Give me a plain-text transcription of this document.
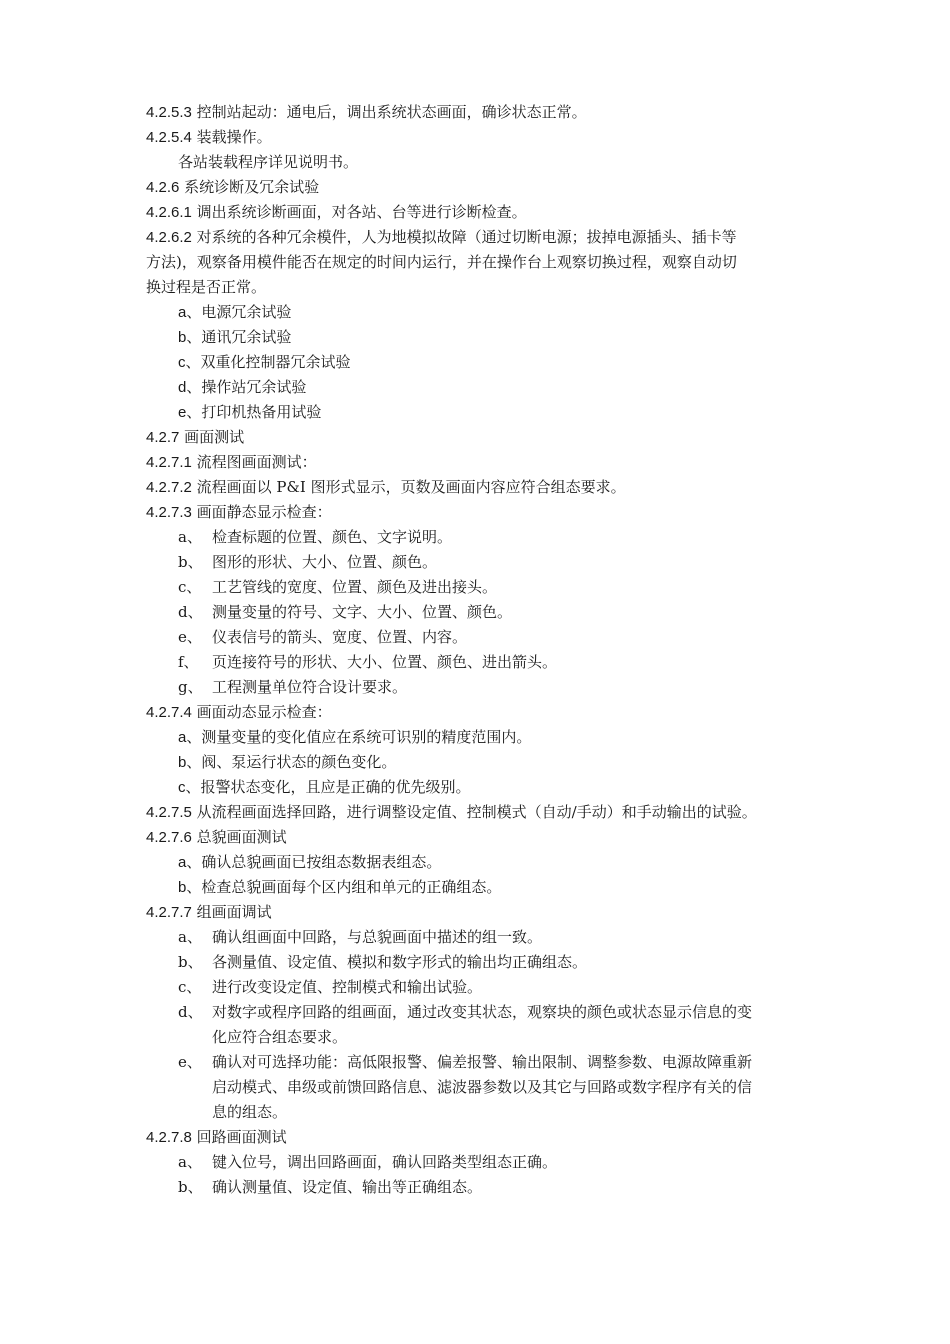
4.2.5.3 控制站起动：通电后，调出系统状态画面，确诊状态正常。
4.2.5.4 装载操作。
各站装载程序详见说明书。
4.2.6 系统诊断及冗余试验
4.2.6.1 调出系统诊断画面，对各站、台等进行诊断检查。
4.2.6.2 对系统的各种冗余模件，人为地模拟故障（通过切断电源；拔掉电源插头、插卡等
方法)，观察备用模件能否在规定的时间内运行，并在操作台上观察切换过程，观察自动切
换过程是否正常。
a、电源冗余试验
b、通讯冗余试验
c、双重化控制器冗余试验
d、操作站冗余试验
e、打印机热备用试验
4.2.7 画面测试
4.2.7.1 流程图画面测试：
4.2.7.2 流程画面以 P&I 图形式显示，页数及画面内容应符合组态要求。
4.2.7.3 画面静态显示检查：
a、 检查标题的位置、颜色、文字说明。
b、 图形的形状、大小、位置、颜色。
c、 工艺管线的宽度、位置、颜色及进出接头。
d、 测量变量的符号、文字、大小、位置、颜色。
e、 仪表信号的箭头、宽度、位置、内容。
f、 页连接符号的形状、大小、位置、颜色、进出箭头。
g、 工程测量单位符合设计要求。
4.2.7.4 画面动态显示检查：
a、测量变量的变化值应在系统可识别的精度范围内。
b、阀、泵运行状态的颜色变化。
c、报警状态变化，且应是正确的优先级别。
4.2.7.5 从流程画面选择回路，进行调整设定值、控制模式（自动/手动）和手动输出的试验。
4.2.7.6 总貌画面测试
a、确认总貌画面已按组态数据表组态。
b、检查总貌画面每个区内组和单元的正确组态。
4.2.7.7 组画面调试
a、 确认组画面中回路，与总貌画面中描述的组一致。
b、 各测量值、设定值、模拟和数字形式的输出均正确组态。
c、 进行改变设定值、控制模式和输出试验。
d、 对数字或程序回路的组画面，通过改变其状态，观察块的颜色或状态显示信息的变
化应符合组态要求。
e、 确认对可选择功能：高低限报警、偏差报警、输出限制、调整参数、电源故障重新
启动模式、串级或前馈回路信息、滤波器参数以及其它与回路或数字程序有关的信
息的组态。
4.2.7.8 回路画面测试
a、 键入位号，调出回路画面，确认回路类型组态正确。
b、 确认测量值、设定值、输出等正确组态。
